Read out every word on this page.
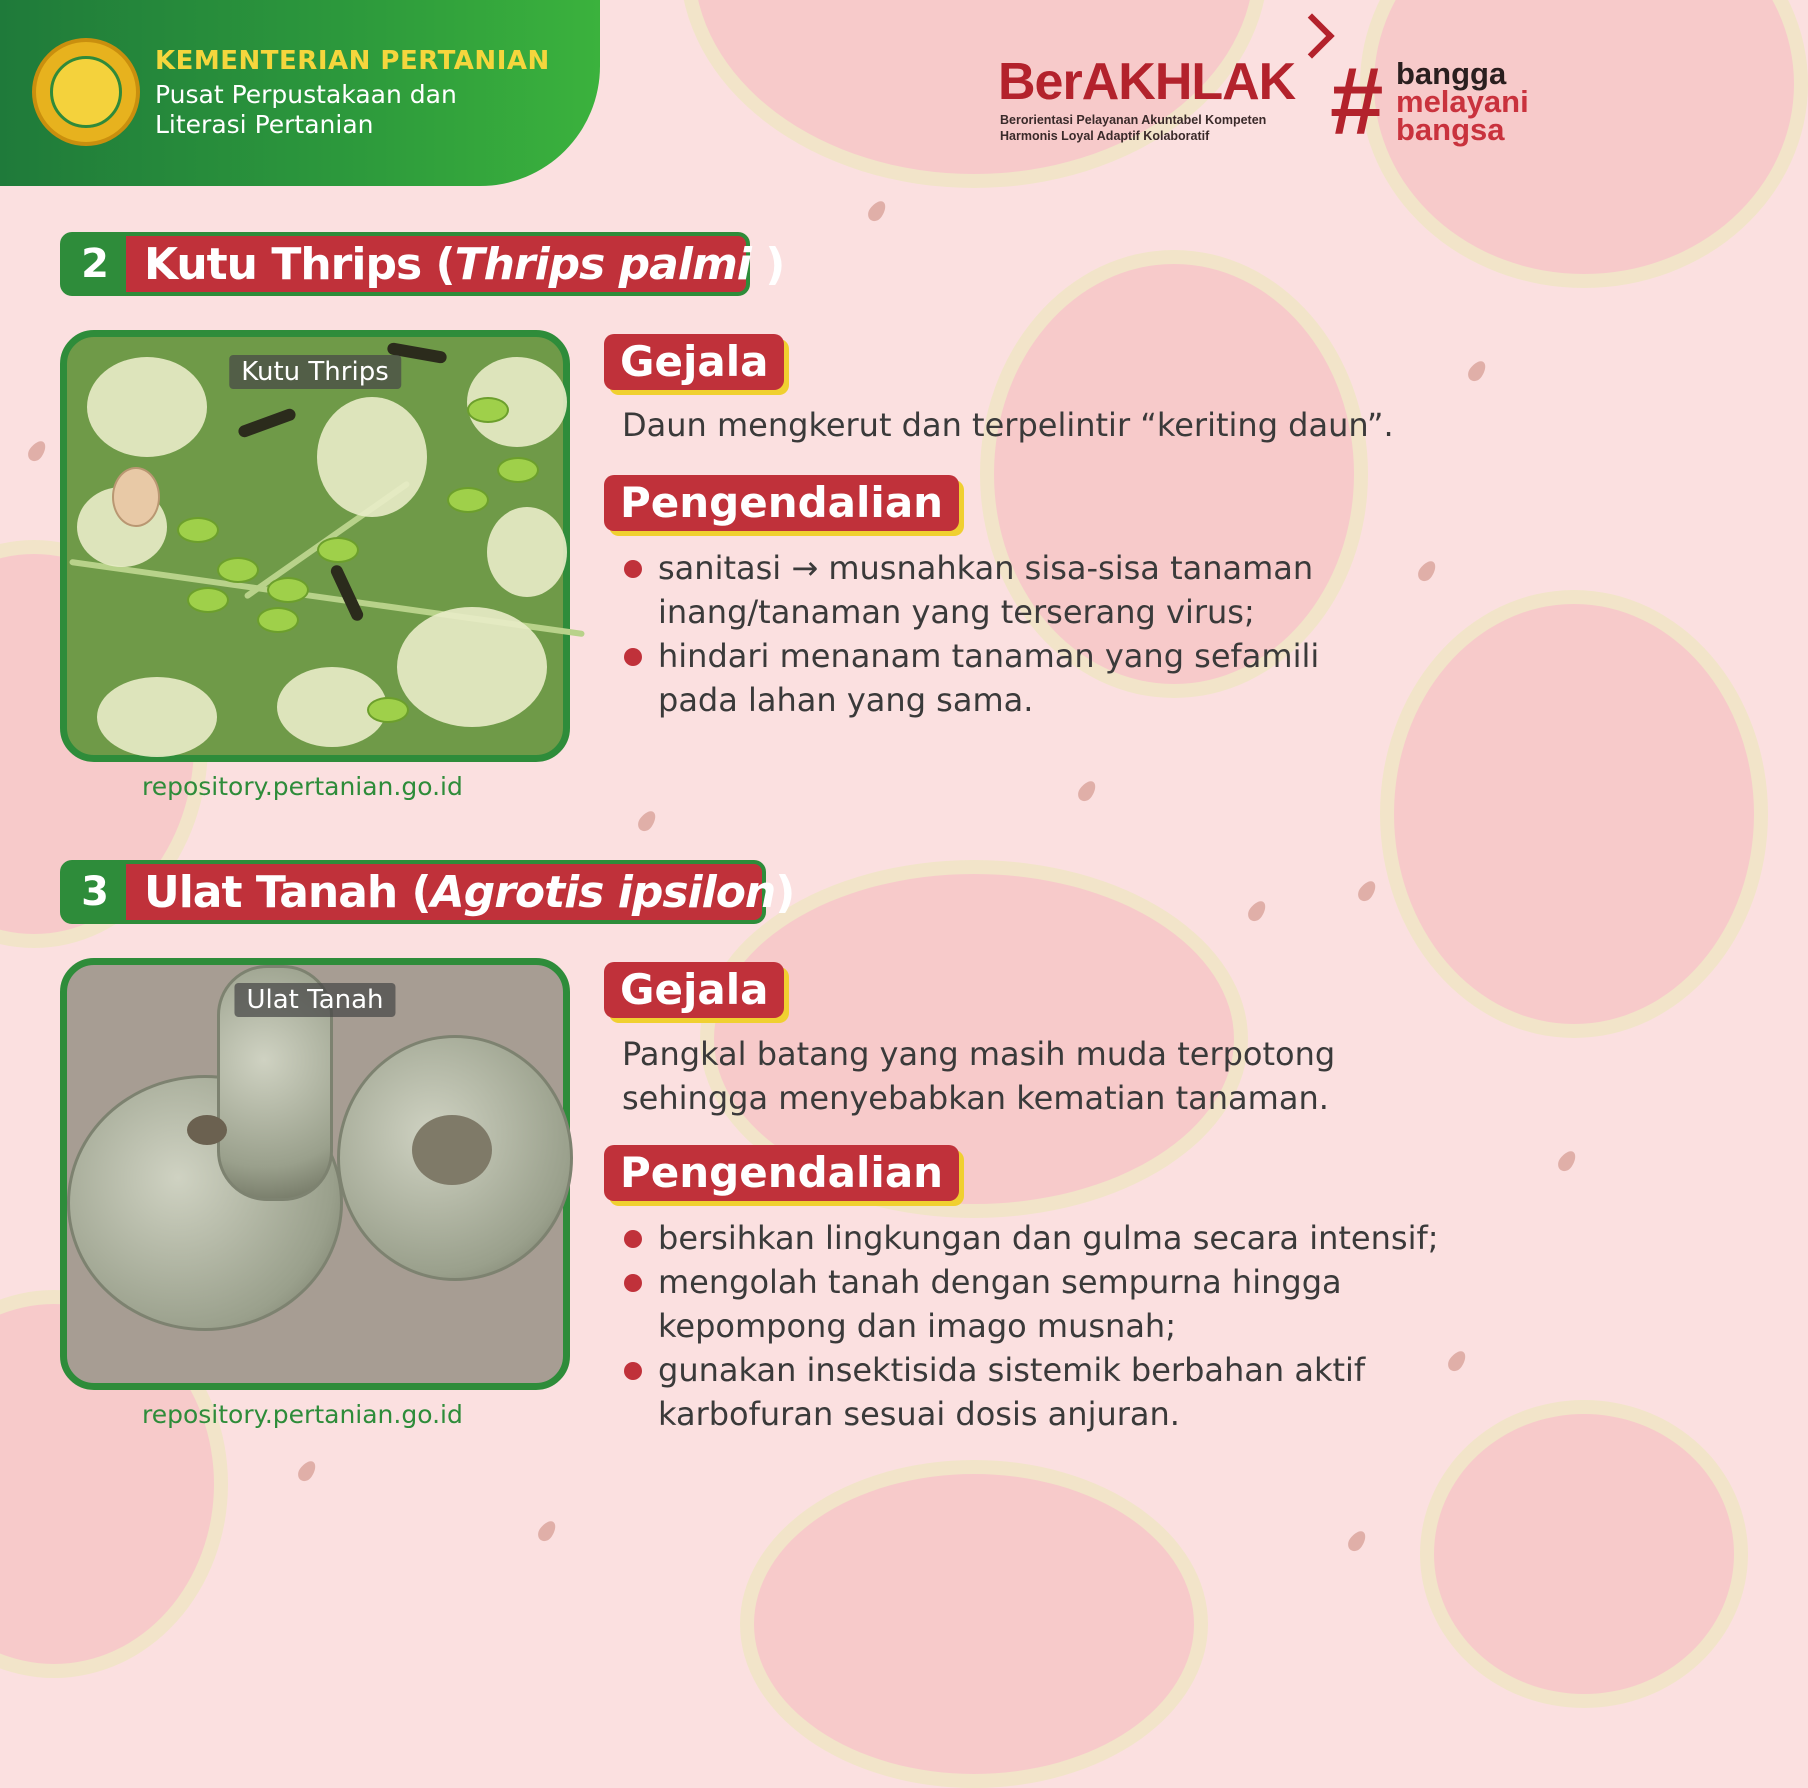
KEMENTERIAN PERTANIAN
Pusat Perpustakaan dan
Literasi Pertanian
BerAKHLAK
Berorientasi Pelayanan Akuntabel Kompeten
Harmonis Loyal Adaptif Kolaboratif # bangga
melayani
bangsa
2 Kutu Thrips (Thrips palmi )
Kutu Thrips
repository.pertanian.go.id
Gejala
Daun mengkerut dan terpelintir “keriting daun”.
Pengendalian
sanitasi → musnahkan sisa-sisa tanaman
inang/tanaman yang terserang virus;
hindari menanam tanaman yang sefamili
pada lahan yang sama.
3 Ulat Tanah (Agrotis ipsilon)
Ulat Tanah
repository.pertanian.go.id
Gejala
Pangkal batang yang masih muda terpotong
sehingga menyebabkan kematian tanaman.
Pengendalian
bersihkan lingkungan dan gulma secara intensif;
mengolah tanah dengan sempurna hingga
kepompong dan imago musnah;
gunakan insektisida sistemik berbahan aktif
karbofuran sesuai dosis anjuran.
